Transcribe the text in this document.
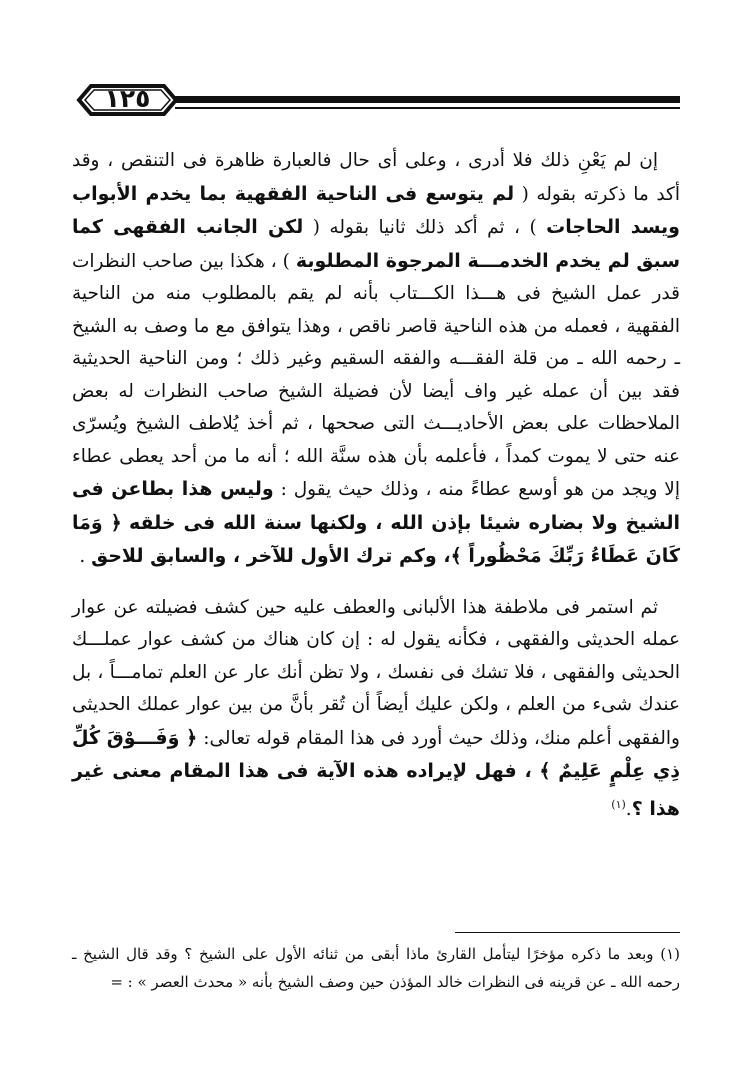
١٢٥

إن لم يَعْنِ ذلك فلا أدرى ، وعلى أى حال فالعبارة ظاهرة فى التنقص ، وقد أكد ما ذكرته بقوله ( لم يتوسع فى الناحية الفقهية بما يخدم الأبواب ويسد الحاجات ) ، ثم أكد ذلك ثانيا بقوله ( لكن الجانب الفقهى كما سبق لم يخدم الخدمـــة المرجوة المطلوبة ) ، هكذا بين صاحب النظرات قدر عمل الشيخ فى هـــذا الكـــتاب بأنه لم يقم بالمطلوب منه من الناحية الفقهية ، فعمله من هذه الناحية قاصر ناقص ، وهذا يتوافق مع ما وصف به الشيخ ـ رحمه الله ـ من قلة الفقـــه والفقه السقيم وغير ذلك ؛ ومن الناحية الحديثية فقد بين أن عمله غير واف أيضا لأن فضيلة الشيخ صاحب النظرات له بعض الملاحظات على بعض الأحاديـــث التى صححها ، ثم أخذ يُلاطف الشيخ ويُسرّى عنه حتى لا يموت كمداً ، فأعلمه بأن هذه سنَّة الله ؛ أنه ما من أحد يعطى عطاء إلا ويجد من هو أوسع عطاءً منه ، وذلك حيث يقول : وليس هذا بطاعن فى الشيخ ولا بضاره شيئا بإذن الله ، ولكنها سنة الله فى خلقه ﴿ وَمَا كَانَ عَطَاءُ رَبِّكَ مَحْظُوراً ﴾، وكم ترك الأول للآخر ، والسابق للاحق .

ثم استمر فى ملاطفة هذا الألبانى والعطف عليه حين كشف فضيلته عن عوار عمله الحديثى والفقهى ، فكأنه يقول له : إن كان هناك من كشف عوار عملـــك الحديثى والفقهى ، فلا تشك فى نفسك ، ولا تظن أنك عار عن العلم تمامـــاً ، بل عندك شىء من العلم ، ولكن عليك أيضاً أن تُقر بأنَّ من بين عوار عملك الحديثى والفقهى أعلم منك، وذلك حيث أورد فى هذا المقام قوله تعالى: ﴿ وَفَـــوْقَ كُلِّ ذِي عِلْمٍ عَلِيمٌ ﴾ ، فهل لإيراده هذه الآية فى هذا المقام معنى غير هذا ؟.$^{(١)}$

(١) وبعد ما ذكره مؤخرًا ليتأمل القارئ ماذا أبقى من ثنائه الأول على الشيخ ؟ وقد قال الشيخ ـ رحمه الله ـ عن قرينه فى النظرات خالد المؤذن حين وصف الشيخ بأنه « محدث العصر » : =
